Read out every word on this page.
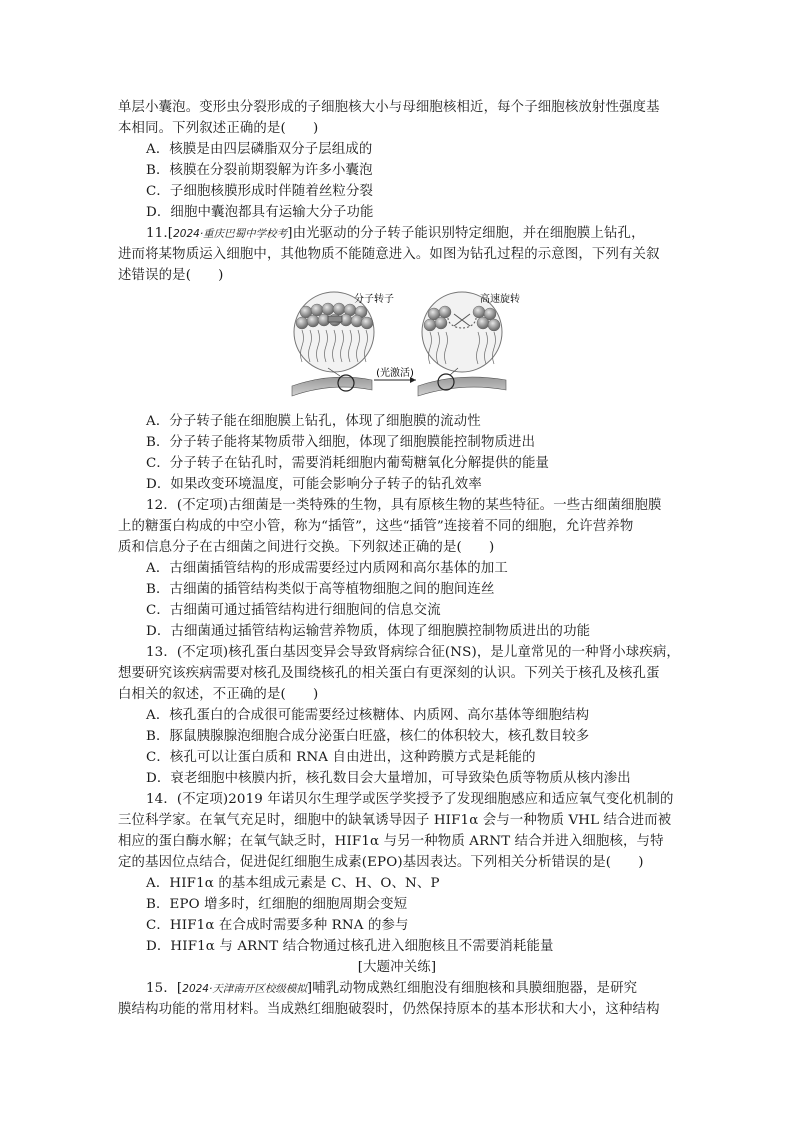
单层小囊泡。变形虫分裂形成的子细胞核大小与母细胞核相近，每个子细胞核放射性强度基
本相同。下列叙述正确的是(　　)
A．核膜是由四层磷脂双分子层组成的
B．核膜在分裂前期裂解为许多小囊泡
C．子细胞核膜形成时伴随着丝粒分裂
D．细胞中囊泡都具有运输大分子功能
11.[2024·重庆巴蜀中学校考]由光驱动的分子转子能识别特定细胞，并在细胞膜上钻孔，
进而将某物质运入细胞中，其他物质不能随意进入。如图为钻孔过程的示意图，下列有关叙
述错误的是(　　)
(光激活)
分子转子	高速旋转
A．分子转子能在细胞膜上钻孔，体现了细胞膜的流动性
B．分子转子能将某物质带入细胞，体现了细胞膜能控制物质进出
C．分子转子在钻孔时，需要消耗细胞内葡萄糖氧化分解提供的能量
D．如果改变环境温度，可能会影响分子转子的钻孔效率
12．(不定项)古细菌是一类特殊的生物，具有原核生物的某些特征。一些古细菌细胞膜
上的糖蛋白构成的中空小管，称为“插管”，这些“插管”连接着不同的细胞，允许营养物
质和信息分子在古细菌之间进行交换。下列叙述正确的是(　　)
A．古细菌插管结构的形成需要经过内质网和高尔基体的加工
B．古细菌的插管结构类似于高等植物细胞之间的胞间连丝
C．古细菌可通过插管结构进行细胞间的信息交流
D．古细菌通过插管结构运输营养物质，体现了细胞膜控制物质进出的功能
13．(不定项)核孔蛋白基因变异会导致肾病综合征(NS)，是儿童常见的一种肾小球疾病，
想要研究该疾病需要对核孔及围绕核孔的相关蛋白有更深刻的认识。下列关于核孔及核孔蛋
白相关的叙述，不正确的是(　　)
A．核孔蛋白的合成很可能需要经过核糖体、内质网、高尔基体等细胞结构
B．豚鼠胰腺腺泡细胞合成分泌蛋白旺盛，核仁的体积较大，核孔数目较多
C．核孔可以让蛋白质和 RNA 自由进出，这种跨膜方式是耗能的
D．衰老细胞中核膜内折，核孔数目会大量增加，可导致染色质等物质从核内渗出
14．(不定项)2019 年诺贝尔生理学或医学奖授予了发现细胞感应和适应氧气变化机制的
三位科学家。在氧气充足时，细胞中的缺氧诱导因子 HIF1α 会与一种物质 VHL 结合进而被
相应的蛋白酶水解；在氧气缺乏时，HIF1α 与另一种物质 ARNT 结合并进入细胞核，与特
定的基因位点结合，促进促红细胞生成素(EPO)基因表达。下列相关分析错误的是(　　)
A．HIF1α 的基本组成元素是 C、H、O、N、P
B．EPO 增多时，红细胞的细胞周期会变短
C．HIF1α 在合成时需要多种 RNA 的参与
D．HIF1α 与 ARNT 结合物通过核孔进入细胞核且不需要消耗能量
[大题冲关练]
15．[2024·天津南开区校级模拟]哺乳动物成熟红细胞没有细胞核和具膜细胞器，是研究
膜结构功能的常用材料。当成熟红细胞破裂时，仍然保持原本的基本形状和大小，这种结构
